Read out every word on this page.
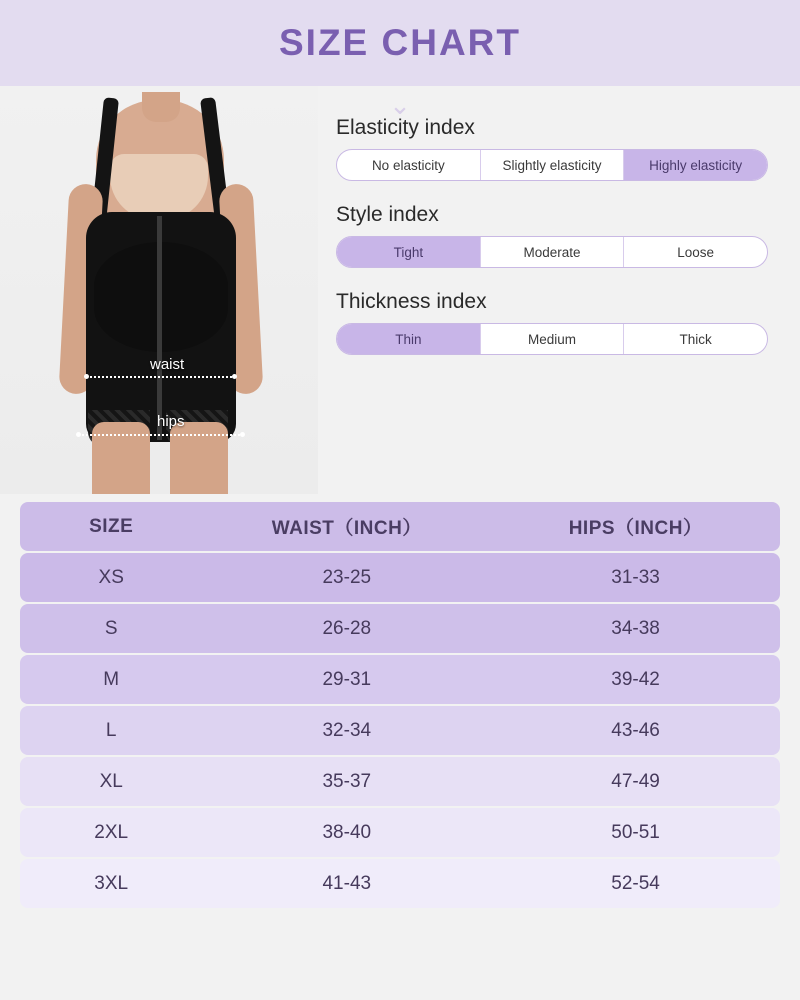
SIZE CHART
⌄
waist
hips
Elasticity index
No elasticity	Slightly elasticity	Highly elasticity
Style index
Tight	Moderate	Loose
Thickness index
Thin	Medium	Thick
SIZE	WAIST（INCH）	HIPS（INCH）
XS	23-25	31-33
S	26-28	34-38
M	29-31	39-42
L	32-34	43-46
XL	35-37	47-49
2XL	38-40	50-51
3XL	41-43	52-54
